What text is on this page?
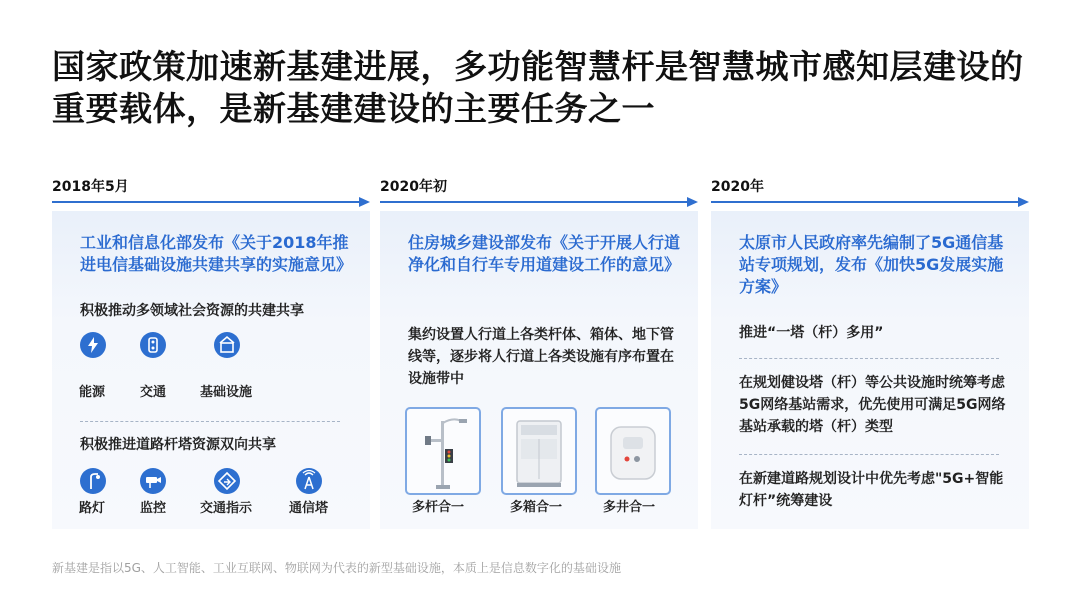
国家政策加速新基建进展，多功能智慧杆是智慧城市感知层建设的重要载体，是新基建建设的主要任务之一
2018年5月
工业和信息化部发布《关于2018年推进电信基础设施共建共享的实施意见》
积极推动多领域社会资源的共建共享
能源	交通	基础设施
积极推进道路杆塔资源双向共享
路灯	监控	交通指示	通信塔
2020年初
住房城乡建设部发布《关于开展人行道净化和自行车专用道建设工作的意见》
集约设置人行道上各类杆体、箱体、地下管线等，逐步将人行道上各类设施有序布置在设施带中
多杆合一	多箱合一	多井合一
2020年
太原市人民政府率先编制了5G通信基站专项规划，发布《加快5G发展实施方案》
推进“一塔（杆）多用”
在规划健设塔（杆）等公共设施时统筹考虑5G网络基站需求，优先使用可满足5G网络基站承载的塔（杆）类型
在新建道路规划设计中优先考虑"5G+智能灯杆”统筹建设
新基建是指以5G、人工智能、工业互联网、物联网为代表的新型基础设施，本质上是信息数字化的基础设施
